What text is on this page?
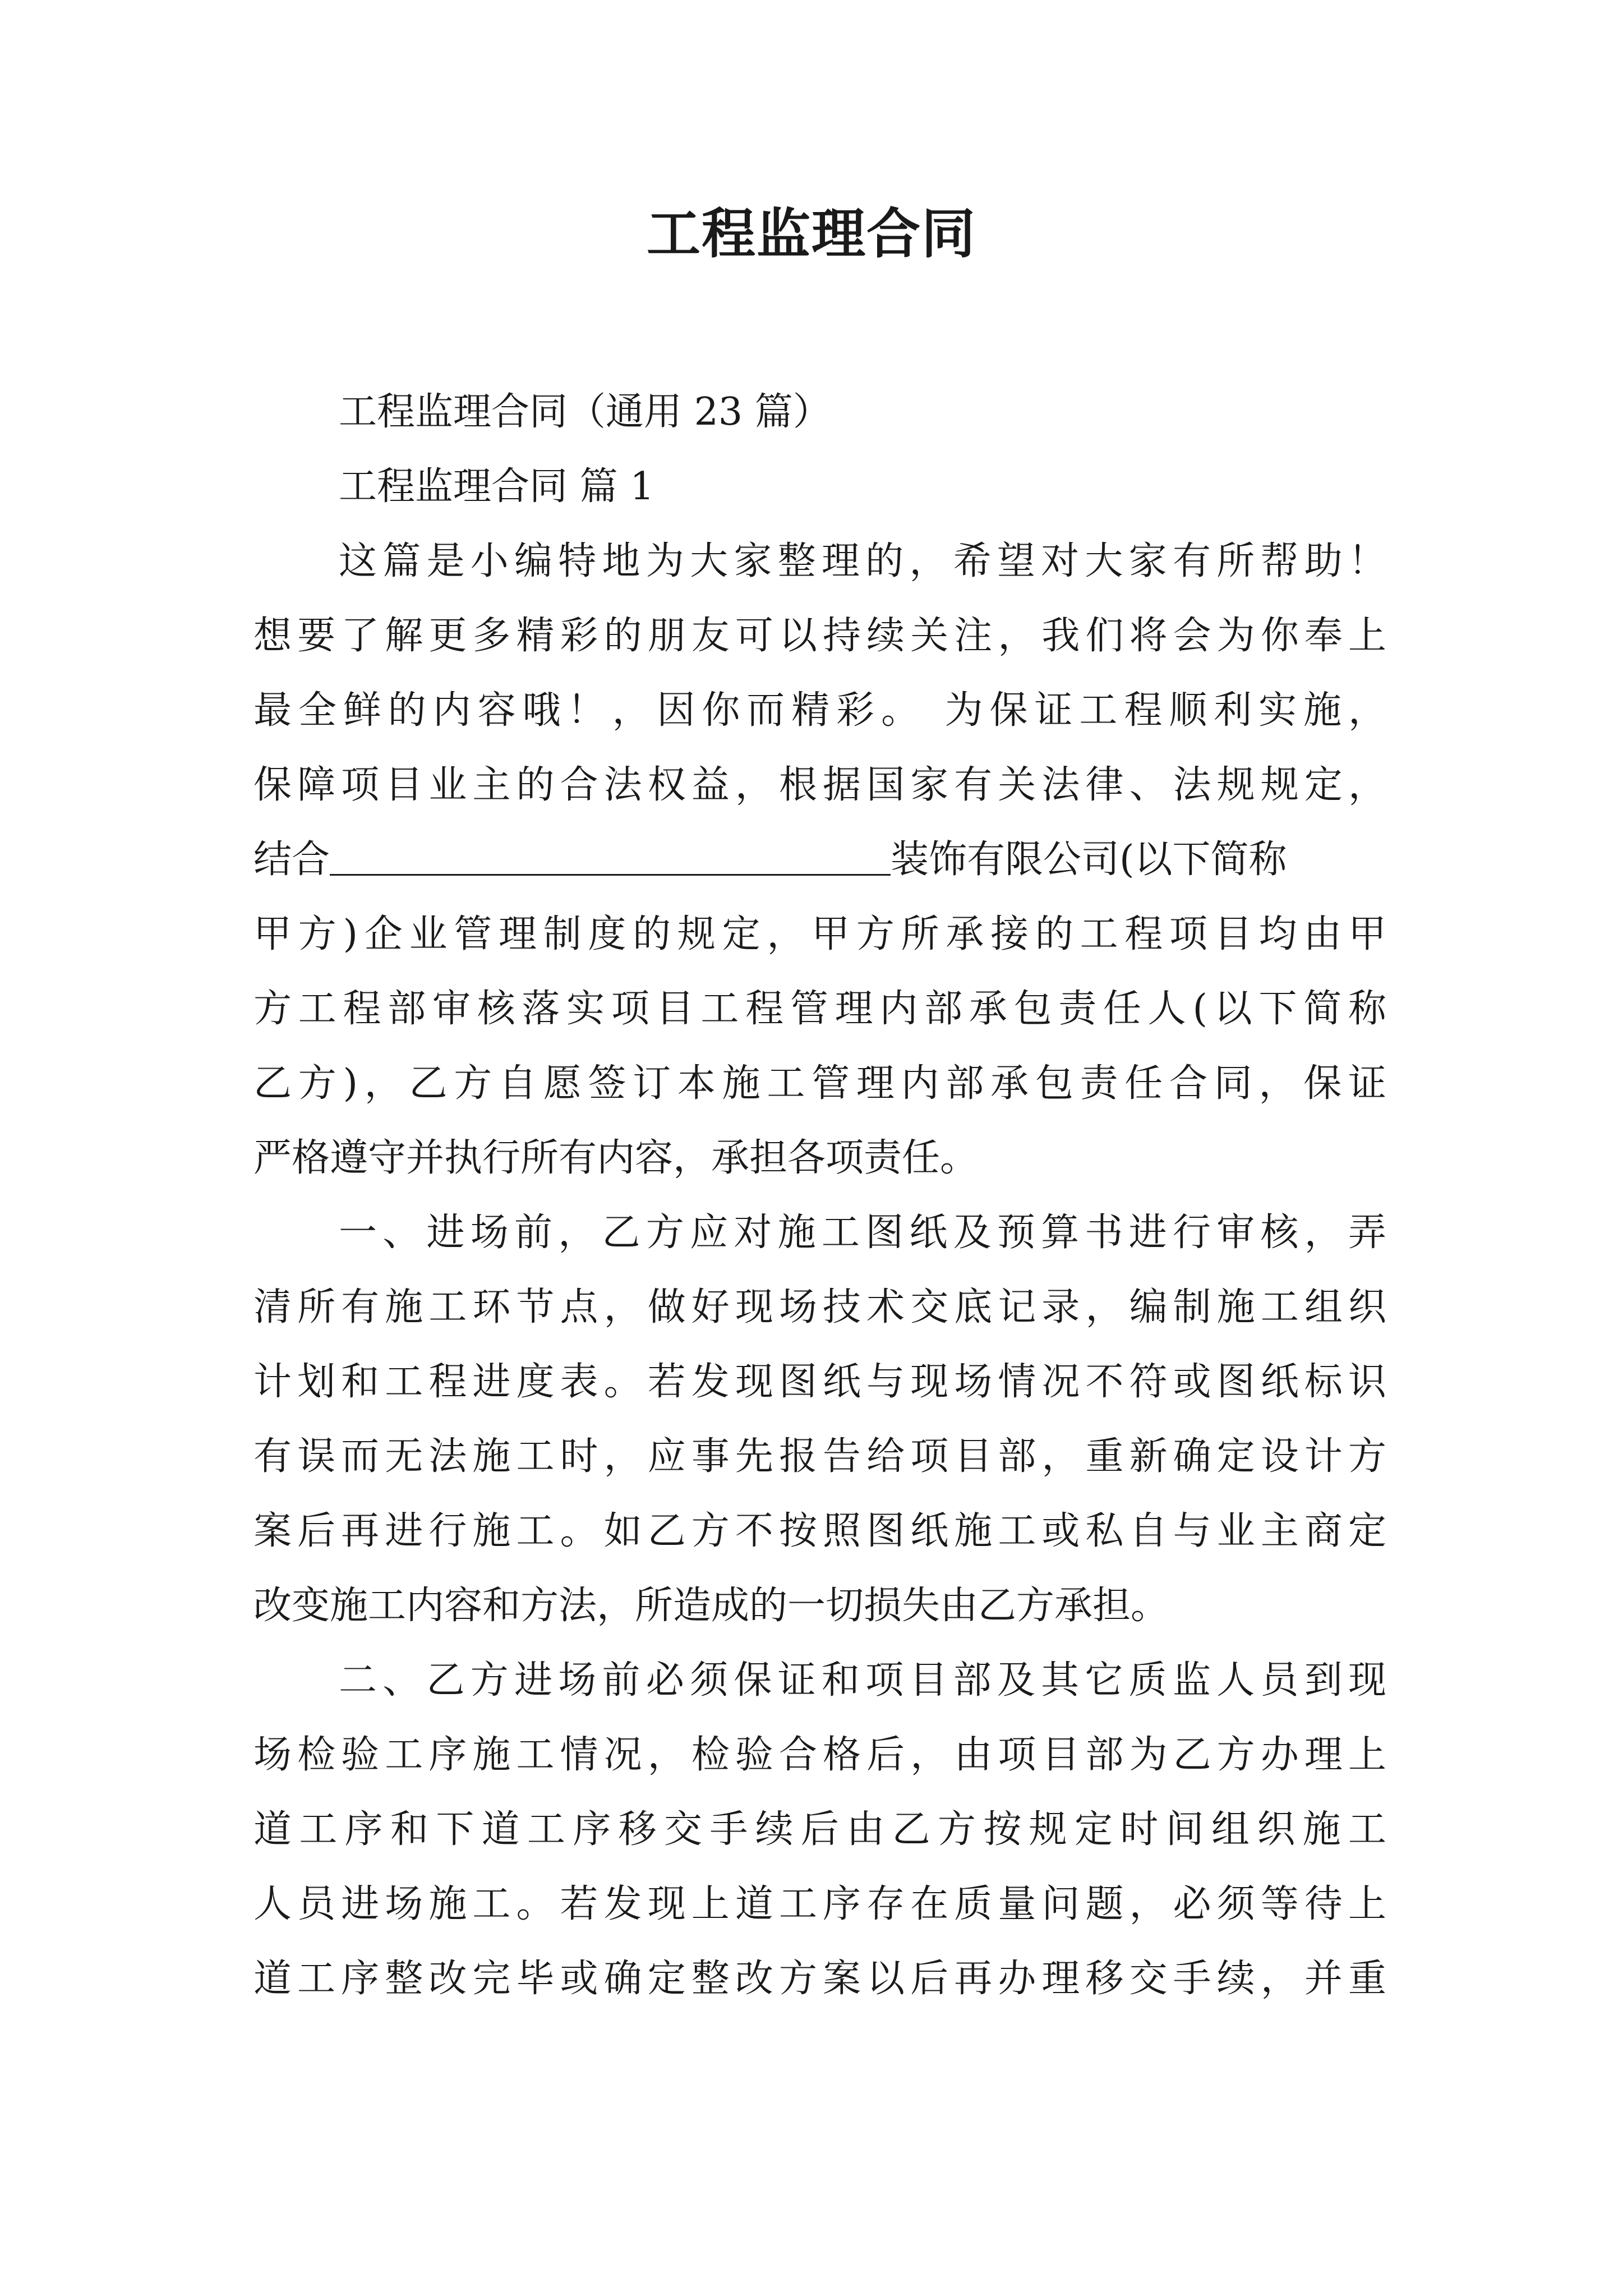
工程监理合同
工程监理合同（通用 23 篇）
工程监理合同 篇 1
这篇是小编特地为大家整理的，希望对大家有所帮助！
想要了解更多精彩的朋友可以持续关注，我们将会为你奉上
最全鲜的内容哦！，因你而精彩。 为保证工程顺利实施，
保障项目业主的合法权益，根据国家有关法律、法规规定，
结合	装饰有限公司(以下简称
甲方)企业管理制度的规定，甲方所承接的工程项目均由甲
方工程部审核落实项目工程管理内部承包责任人(以下简称
乙方)，乙方自愿签订本施工管理内部承包责任合同，保证
严格遵守并执行所有内容，承担各项责任。
一、进场前，乙方应对施工图纸及预算书进行审核，弄
清所有施工环节点，做好现场技术交底记录，编制施工组织
计划和工程进度表。若发现图纸与现场情况不符或图纸标识
有误而无法施工时，应事先报告给项目部，重新确定设计方
案后再进行施工。如乙方不按照图纸施工或私自与业主商定
改变施工内容和方法，所造成的一切损失由乙方承担。
二、乙方进场前必须保证和项目部及其它质监人员到现
场检验工序施工情况，检验合格后，由项目部为乙方办理上
道工序和下道工序移交手续后由乙方按规定时间组织施工
人员进场施工。若发现上道工序存在质量问题，必须等待上
道工序整改完毕或确定整改方案以后再办理移交手续，并重
